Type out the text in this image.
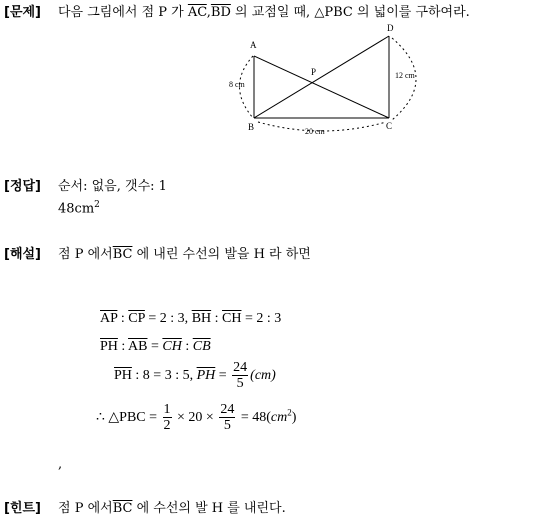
[문제] 다음 그림에서 점 P 가 $\overline{AC},\overline{BD}$ 의 교점일 때, △PBC 의 넓이를 구하여라.
A
B	C
D
P
8 cm
20 cm
12 cm
[정답] 순서: 없음, 갯수: 1
$48cm^2$
[해설] 점 P 에서$\overline{BC}$ 에 내린 수선의 발을 H 라 하면
$\overline{AP}$ : $\overline{CP} = 2$ : 3, $\overline{BH}$ : $\overline{CH} = 2$ : 3
$\overline{PH}$ : $\overline{AB} = \overline{CH}$ : $\overline{CB}$
$\overline{PH}$ : 8 = 3 : 5, $\overline{PH} = \frac{24}{5} (cm)$
∴ △PBC = $\frac{1}{2} \times 20 \times \frac{24}{5} = 48(cm^2)$
,
[힌트] 점 P 에서$\overline{BC}$ 에 수선의 발 H 를 내린다.
